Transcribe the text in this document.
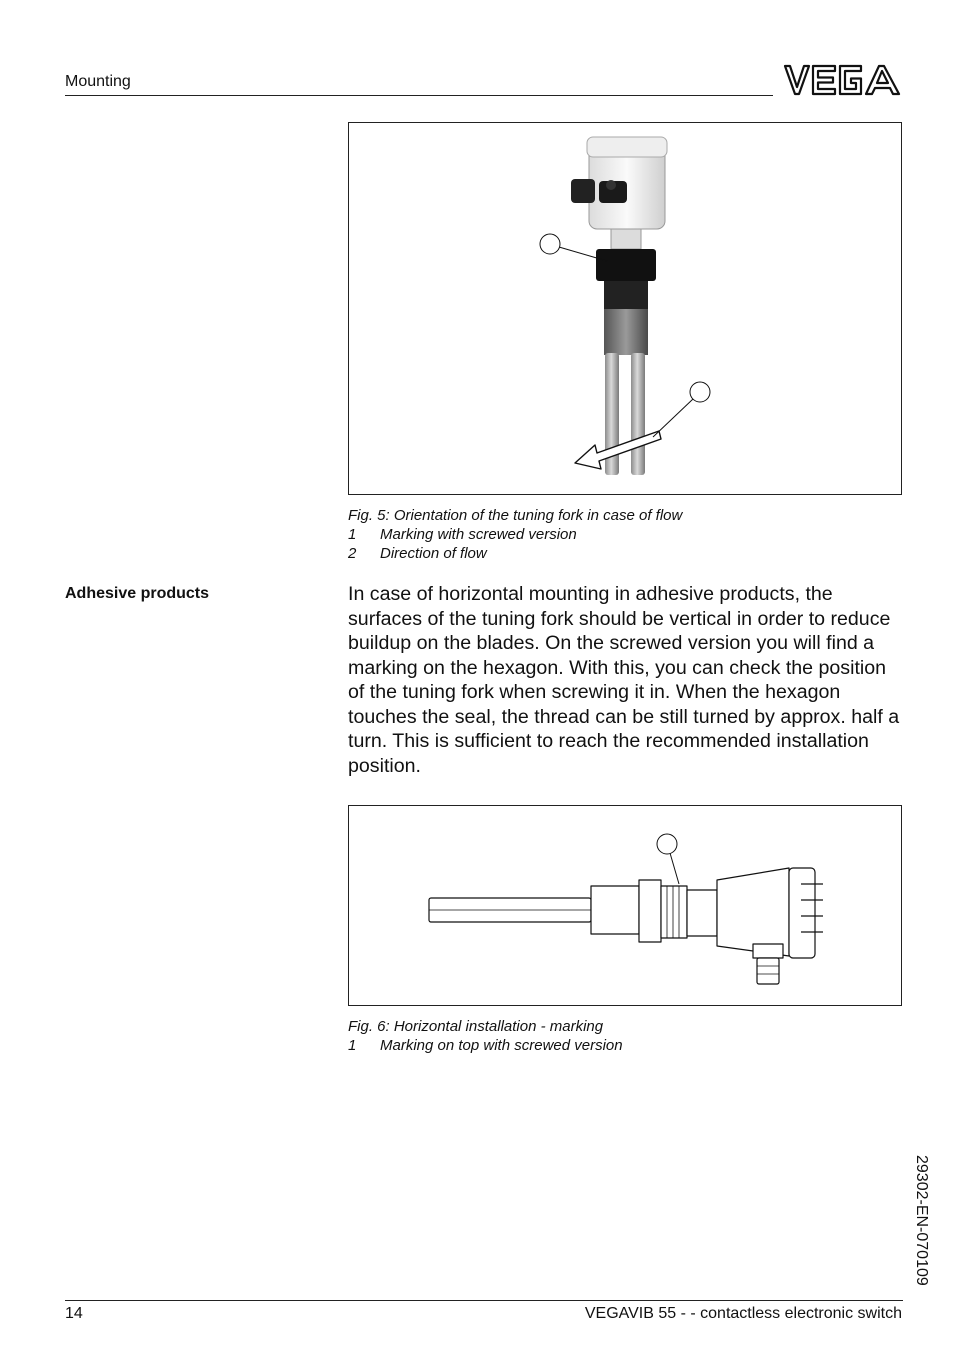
Mounting
Fig. 5: Orientation of the tuning fork in case of flow
1	Marking with screwed version
2	Direction of flow
Adhesive products	In case of horizontal mounting in adhesive products, the surfaces of the tuning fork should be vertical in order to reduce buildup on the blades. On the screwed version you will find a marking on the hexagon. With this, you can check the position of the tuning fork when screwing it in. When the hexagon touches the seal, the thread can be still turned by approx. half a turn. This is sufficient to reach the recommended installation position.
Fig. 6: Horizontal installation - marking
1	Marking on top with screwed version
29302-EN-070109
14	VEGAVIB 55 - - contactless electronic switch
